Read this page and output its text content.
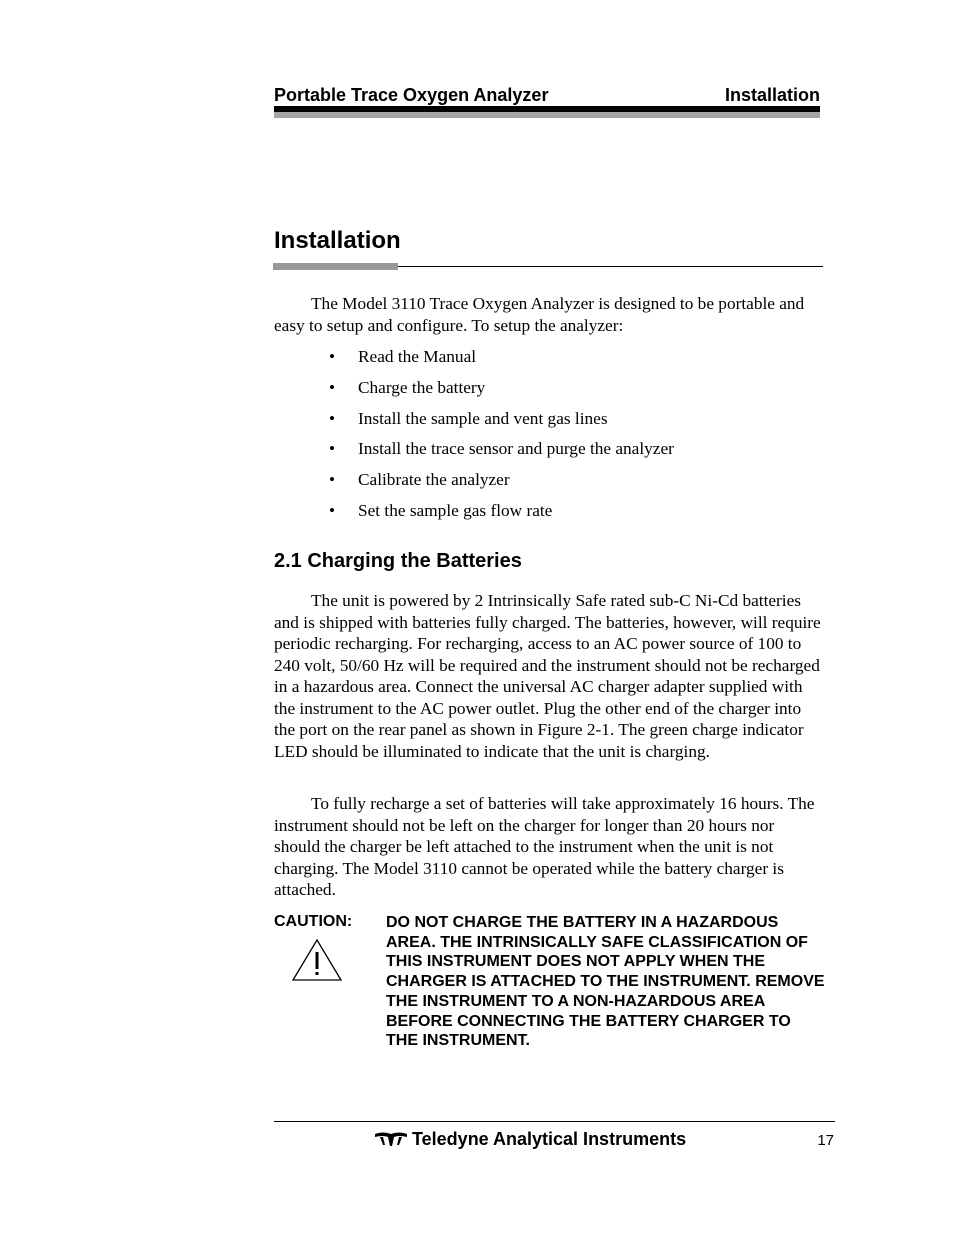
Portable Trace Oxygen Analyzer	Installation
Installation

The Model 3110 Trace Oxygen Analyzer is designed to be portable and easy to setup and configure. To setup the analyzer:

• Read the Manual
• Charge the battery
• Install the sample and vent gas lines
• Install the trace sensor and purge the analyzer
• Calibrate the analyzer
• Set the sample gas flow rate
2.1 Charging the Batteries

The unit is powered by 2 Intrinsically Safe rated sub-C Ni-Cd batteries and is shipped with batteries fully charged. The batteries, however, will require periodic recharging. For recharging, access to an AC power source of 100 to 240 volt, 50/60 Hz will be required and the instrument should not be recharged in a hazardous area. Connect the universal AC charger adapter supplied with the instrument to the AC power outlet. Plug the other end of the charger into the port on the rear panel as shown in Figure 2-1. The green charge indicator LED should be illuminated to indicate that the unit is charging.

To fully recharge a set of batteries will take approximately 16 hours. The instrument should not be left on the charger for longer than 20 hours nor should the charger be left attached to the instrument when the unit is not charging. The Model 3110 cannot be operated while the battery charger is attached.

CAUTION: DO NOT CHARGE THE BATTERY IN A HAZARDOUS AREA. THE INTRINSICALLY SAFE CLASSIFICATION OF THIS INSTRUMENT DOES NOT APPLY WHEN THE CHARGER IS ATTACHED TO THE INSTRUMENT. REMOVE THE INSTRUMENT TO A NON-HAZARDOUS AREA BEFORE CONNECTING THE BATTERY CHARGER TO THE INSTRUMENT.
Teledyne Analytical Instruments	17
